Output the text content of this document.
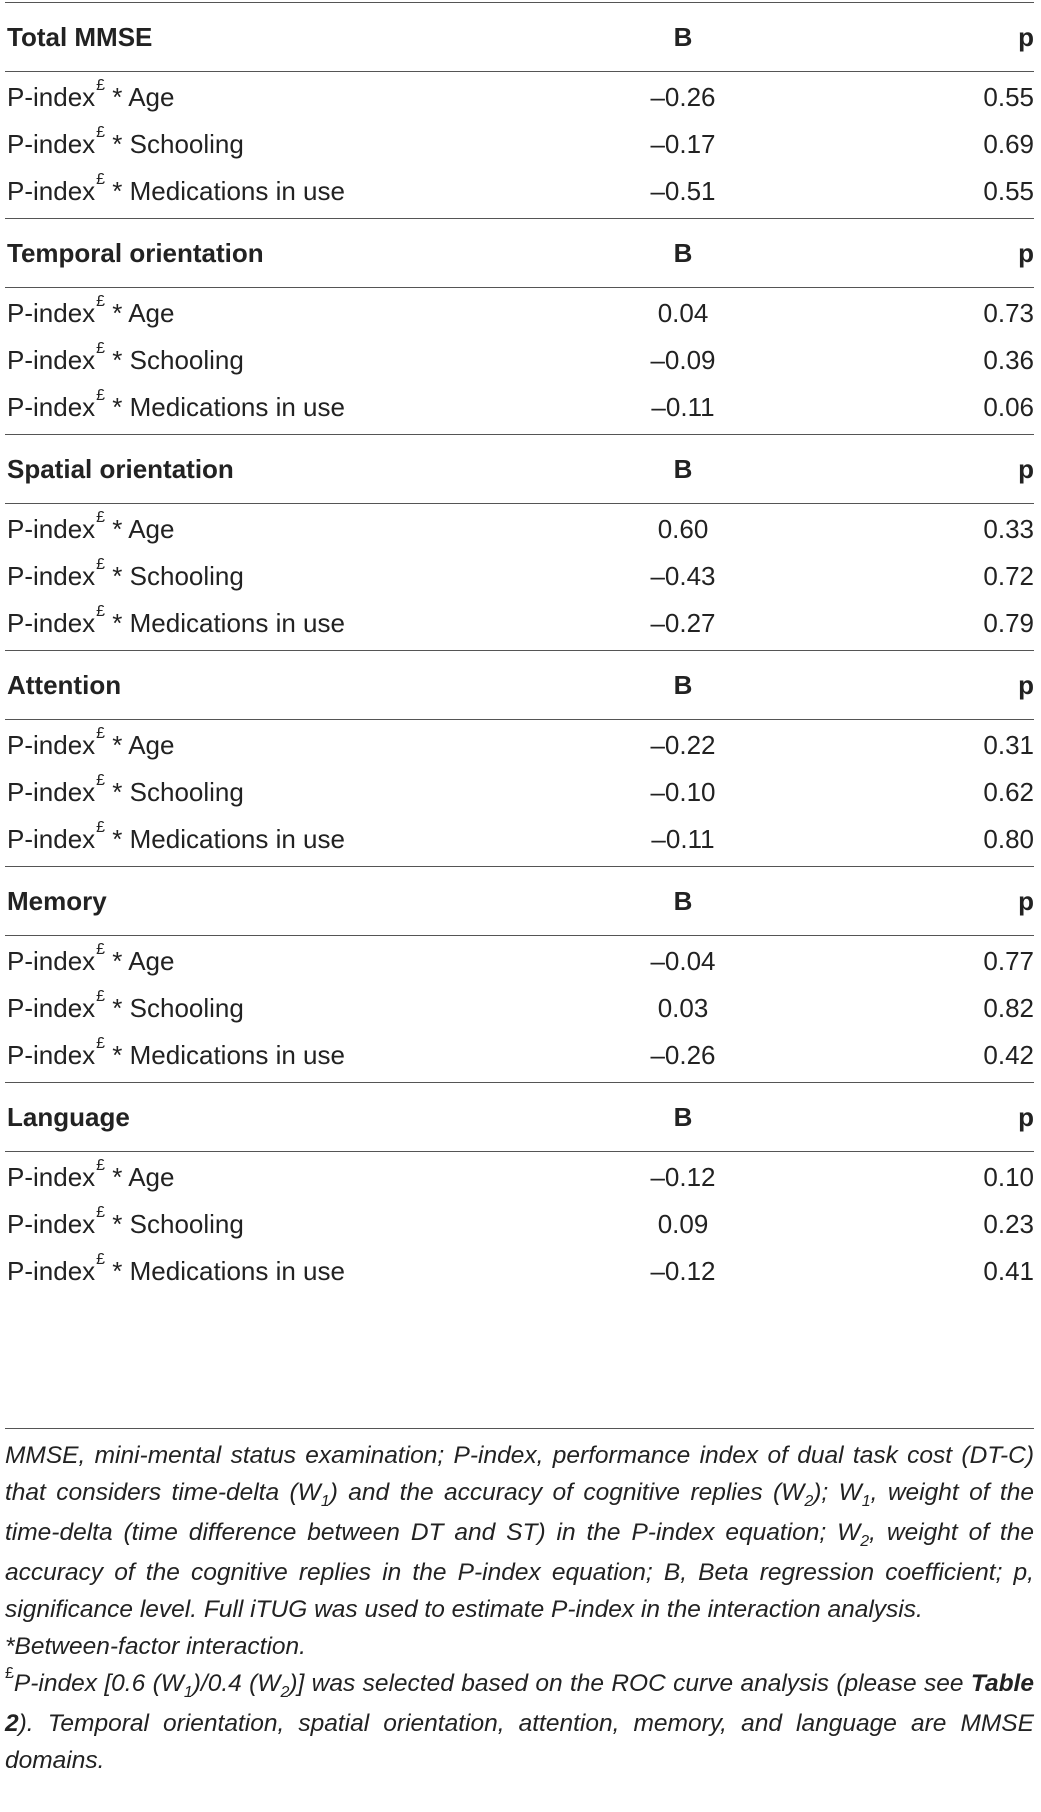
Total MMSE	B	p
P-index£ * Age	–0.26	0.55
P-index£ * Schooling	–0.17	0.69
P-index£ * Medications in use	–0.51	0.55
Temporal orientation	B	p
P-index£ * Age	0.04	0.73
P-index£ * Schooling	–0.09	0.36
P-index£ * Medications in use	–0.11	0.06
Spatial orientation	B	p
P-index£ * Age	0.60	0.33
P-index£ * Schooling	–0.43	0.72
P-index£ * Medications in use	–0.27	0.79
Attention	B	p
P-index£ * Age	–0.22	0.31
P-index£ * Schooling	–0.10	0.62
P-index£ * Medications in use	–0.11	0.80
Memory	B	p
P-index£ * Age	–0.04	0.77
P-index£ * Schooling	0.03	0.82
P-index£ * Medications in use	–0.26	0.42
Language	B	p
P-index£ * Age	–0.12	0.10
P-index£ * Schooling	0.09	0.23
P-index£ * Medications in use	–0.12	0.41

MMSE, mini-mental status examination; P-index, performance index of dual task cost (DT-C) that considers time-delta $(W_1)$ and the accuracy of cognitive replies $(W_2)$; $W_1$, weight of the time-delta (time difference between DT and ST) in the P-index equation; $W_2$, weight of the accuracy of the cognitive replies in the P-index equation; B, Beta regression coefficient; p, significance level. Full iTUG was used to estimate P-index in the interaction analysis.

*Between-factor interaction.

£P-index [0.6 $(W_1)/0.4$ $(W_2)$] was selected based on the ROC curve analysis (please see Table 2). Temporal orientation, spatial orientation, attention, memory, and language are MMSE domains.
